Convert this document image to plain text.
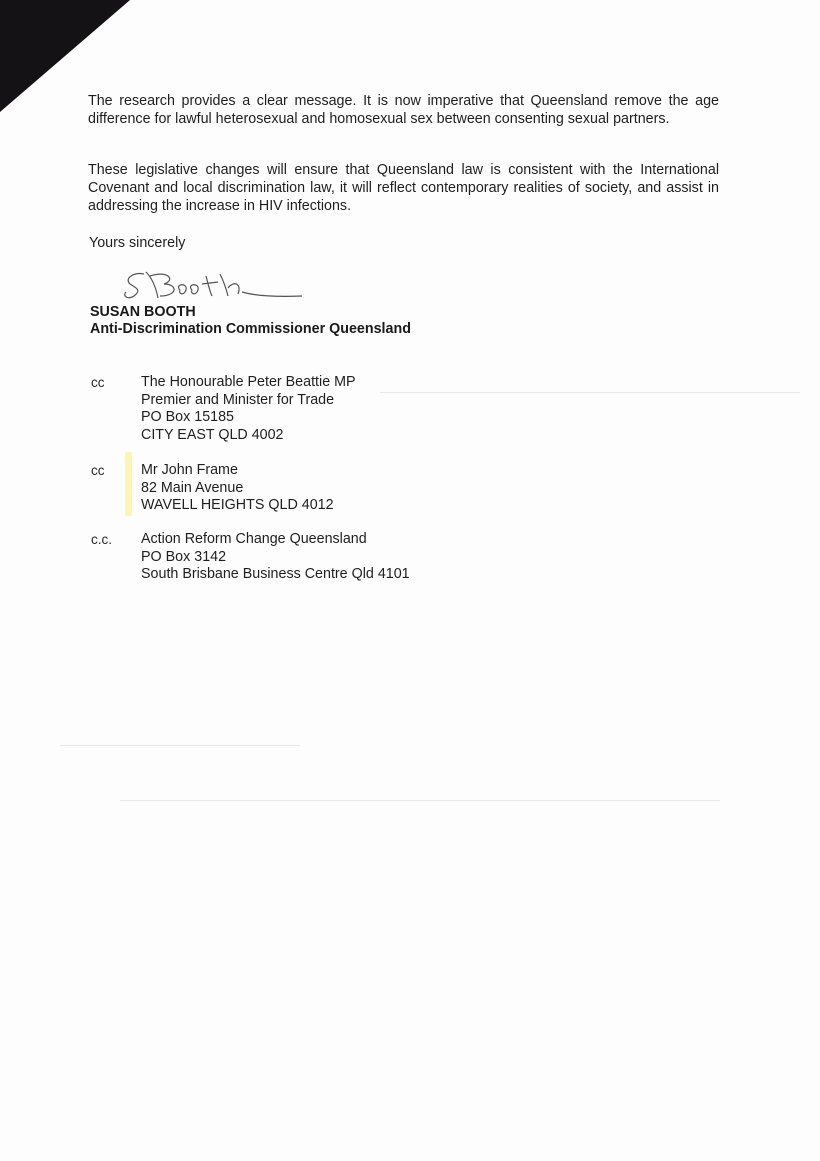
The research provides a clear message. It is now imperative that Queensland remove the age difference for lawful heterosexual and homosexual sex between consenting sexual partners.

These legislative changes will ensure that Queensland law is consistent with the International Covenant and local discrimination law, it will reflect contemporary realities of society, and assist in addressing the increase in HIV infections.

Yours sincerely

SUSAN BOOTH

Anti-Discrimination Commissioner Queensland

cc	The Honourable Peter Beattie MP
Premier and Minister for Trade
PO Box 15185
CITY EAST QLD 4002
cc	Mr John Frame
82 Main Avenue
WAVELL HEIGHTS QLD 4012
c.c. Action Reform Change Queensland
PO Box 3142
South Brisbane Business Centre Qld 4101
